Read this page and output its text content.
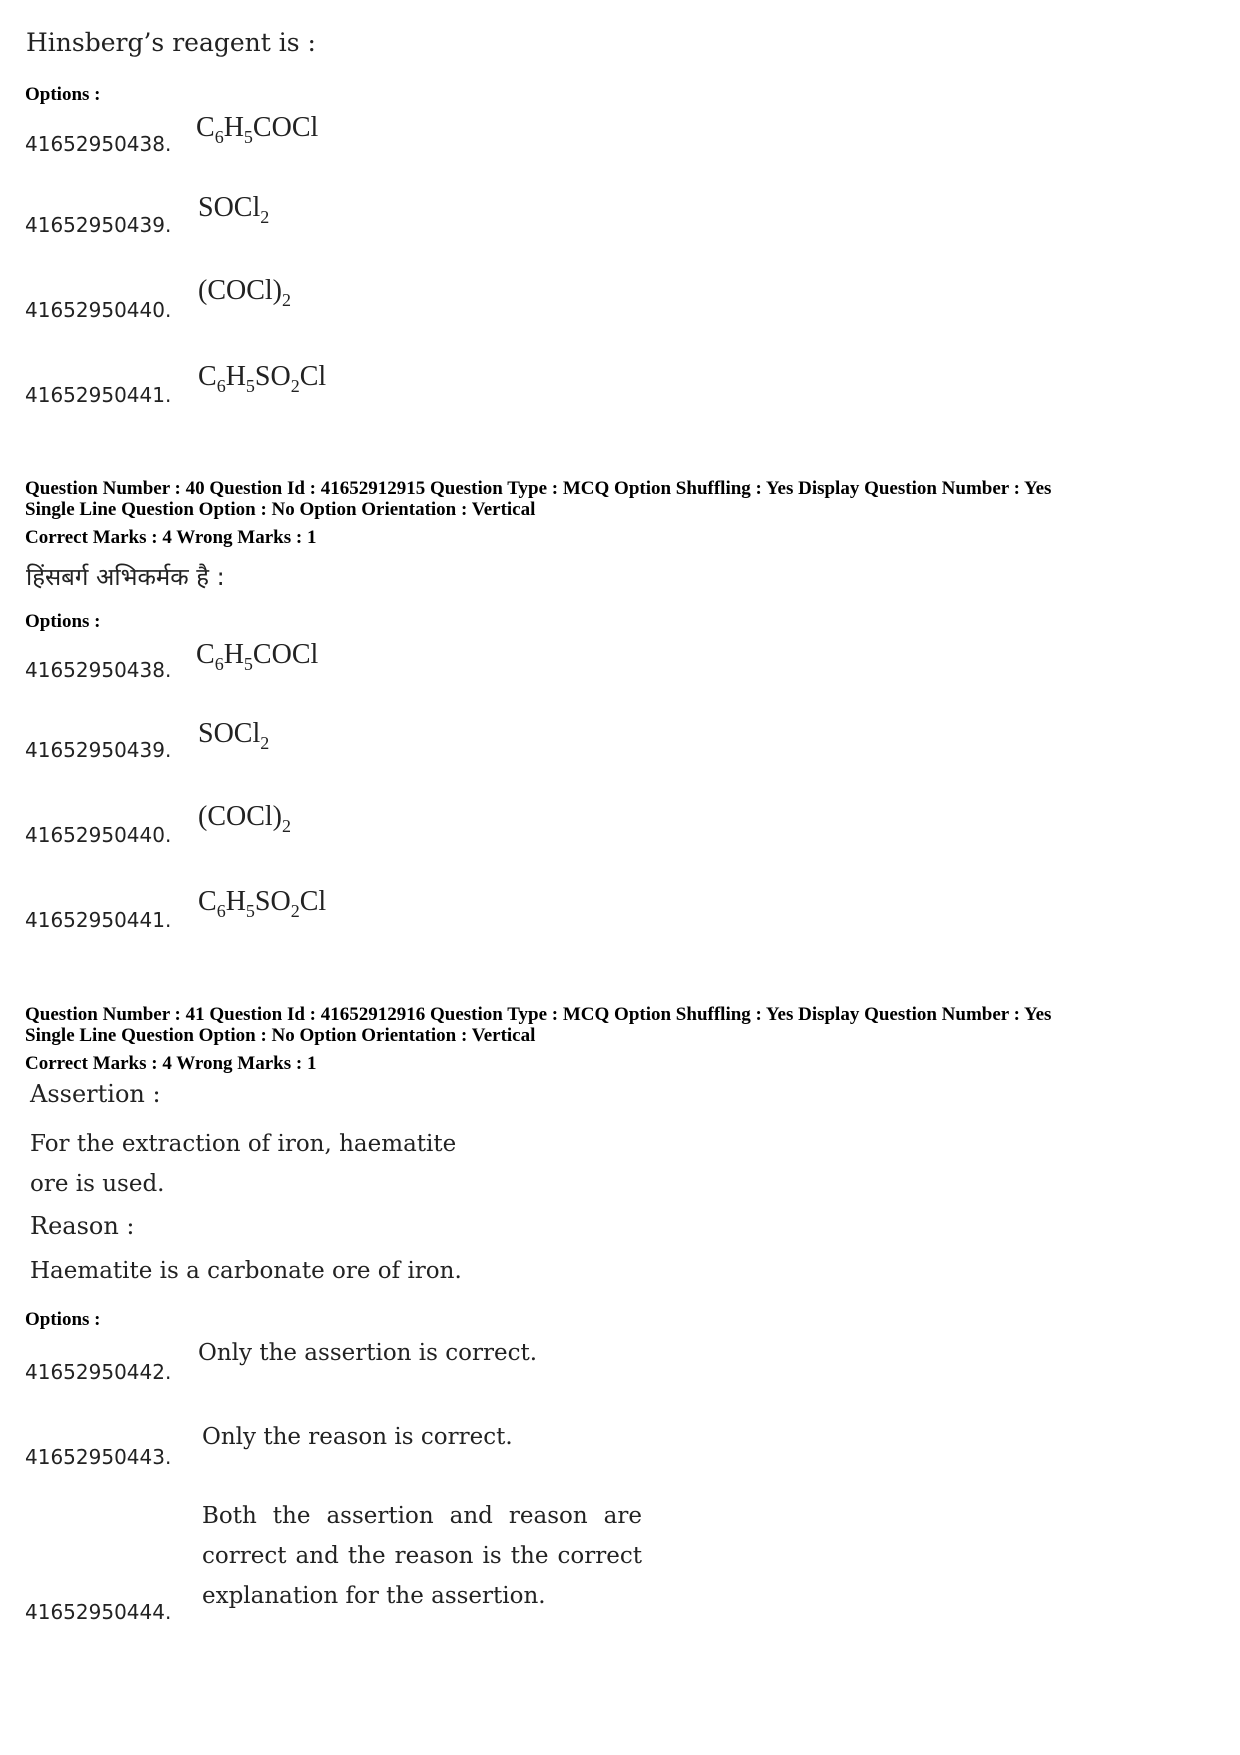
Hinsberg’s reagent is :
Options :
41652950438.
$C_6H_5COCl$
41652950439.
SOCl$_2$
41652950440.
$(COCl)_2$
41652950441.
$C_6H_5SO_2Cl$
Question Number : 40 Question Id : 41652912915 Question Type : MCQ Option Shuffling : Yes Display Question Number : Yes
Single Line Question Option : No Option Orientation : Vertical
Correct Marks : 4 Wrong Marks : 1
हिंसबर्ग अभिकर्मक है :
Options :
41652950438. $C_6H_5COCl$
41652950439.
SOCl$_2$
41652950440.
$(COCl)_2$
41652950441.
$C_6H_5SO_2Cl$
Question Number : 41 Question Id : 41652912916 Question Type : MCQ Option Shuffling : Yes Display Question Number : Yes
Single Line Question Option : No Option Orientation : Vertical
Correct Marks : 4 Wrong Marks : 1
Assertion :
For the extraction of iron, haematite ore is used.
Reason :
Haematite is a carbonate ore of iron.
Options :
41652950442.
Only the assertion is correct.
41652950443.
Only the reason is correct.
Both the assertion and reason are correct and the reason is the correct explanation for the assertion.
41652950444.
